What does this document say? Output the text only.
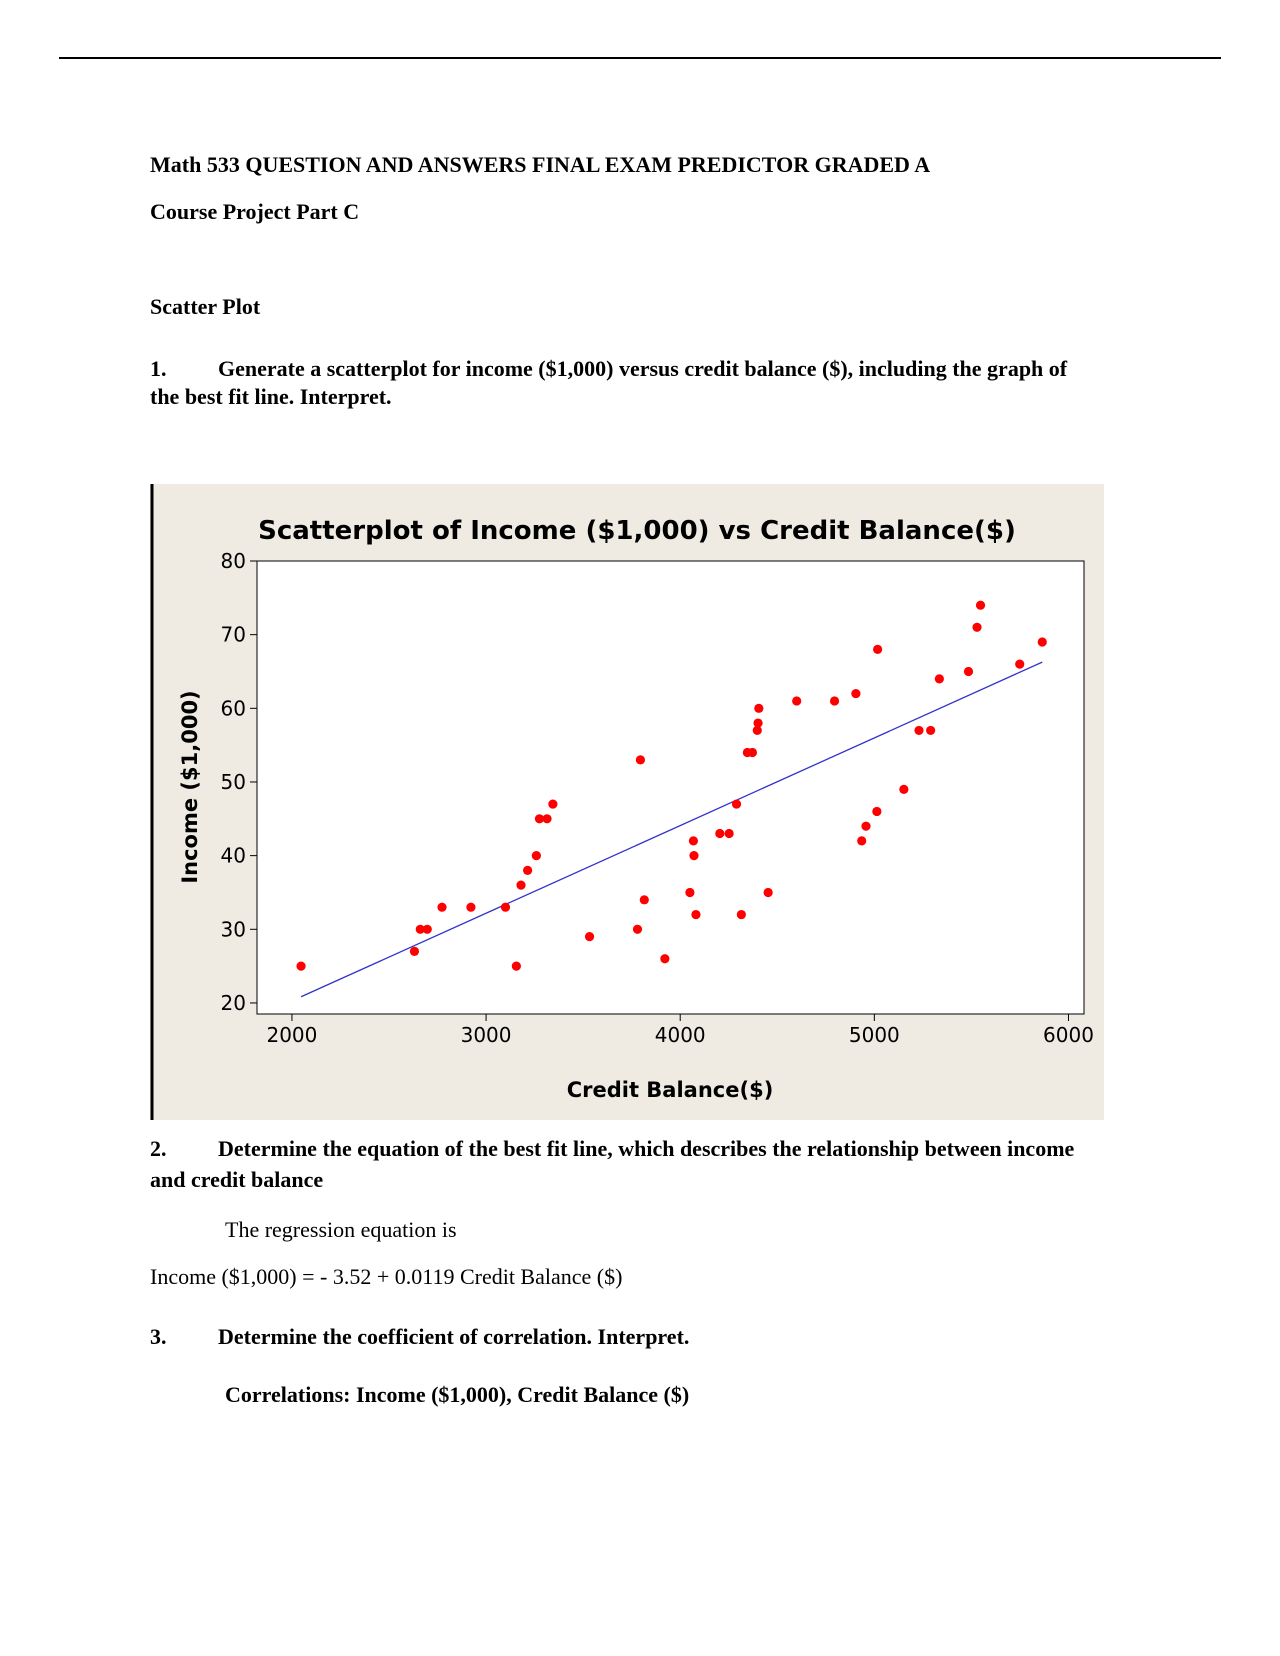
Math 533 QUESTION AND ANSWERS FINAL EXAM PREDICTOR GRADED A

Course Project Part C

Scatter Plot

1. Generate a scatterplot for income ($1,000) versus credit balance ($), including the graph of the best fit line. Interpret.

Scatterplot of Income ($1,000) vs Credit Balance($)
20
30
40
50
60
70
80
2000	3000	4000	5000	6000
Credit Balance($)
Income ($1,000)

2. Determine the equation of the best fit line, which describes the relationship between income and credit balance

The regression equation is

Income ($1,000) = - 3.52 + 0.0119 Credit Balance ($)

3. Determine the coefficient of correlation. Interpret.

Correlations: Income ($1,000), Credit Balance ($)
